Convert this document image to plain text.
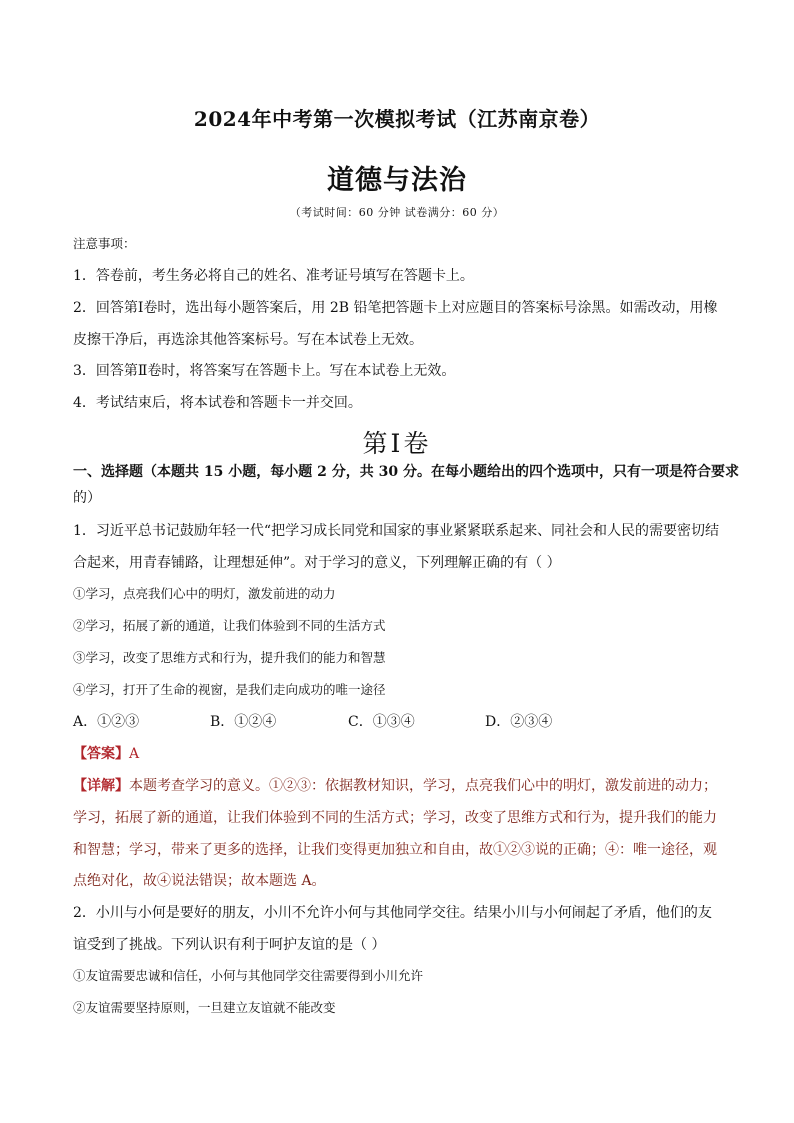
2024年中考第一次模拟考试（江苏南京卷）
道德与法治
（考试时间：60 分钟 试卷满分：60 分）
注意事项：
1．答卷前，考生务必将自己的姓名、准考证号填写在答题卡上。
2．回答第Ⅰ卷时，选出每小题答案后，用 2B 铅笔把答题卡上对应题目的答案标号涂黑。如需改动，用橡
皮擦干净后，再选涂其他答案标号。写在本试卷上无效。
3．回答第Ⅱ卷时，将答案写在答题卡上。写在本试卷上无效。
4．考试结束后，将本试卷和答题卡一并交回。
第Ⅰ卷
一、选择题（本题共 15 小题，每小题 2 分，共 30 分。在每小题给出的四个选项中，只有一项是符合要求
的）
1．习近平总书记鼓励年轻一代“把学习成长同党和国家的事业紧紧联系起来、同社会和人民的需要密切结
合起来，用青春铺路，让理想延伸”。对于学习的意义，下列理解正确的有（ ）
①学习，点亮我们心中的明灯，激发前进的动力
②学习，拓展了新的通道，让我们体验到不同的生活方式
③学习，改变了思维方式和行为，提升我们的能力和智慧
④学习，打开了生命的视窗，是我们走向成功的唯一途径
A．①②③	B．①②④	C．①③④	D．②③④
【答案】A
【详解】本题考查学习的意义。①②③：依据教材知识，学习，点亮我们心中的明灯，激发前进的动力；
学习，拓展了新的通道，让我们体验到不同的生活方式；学习，改变了思维方式和行为，提升我们的能力
和智慧；学习，带来了更多的选择，让我们变得更加独立和自由，故①②③说的正确；④：唯一途径，观
点绝对化，故④说法错误；故本题选 A。
2．小川与小何是要好的朋友，小川不允许小何与其他同学交往。结果小川与小何闹起了矛盾，他们的友
谊受到了挑战。下列认识有利于呵护友谊的是（ ）
①友谊需要忠诚和信任，小何与其他同学交往需要得到小川允许
②友谊需要坚持原则，一旦建立友谊就不能改变
